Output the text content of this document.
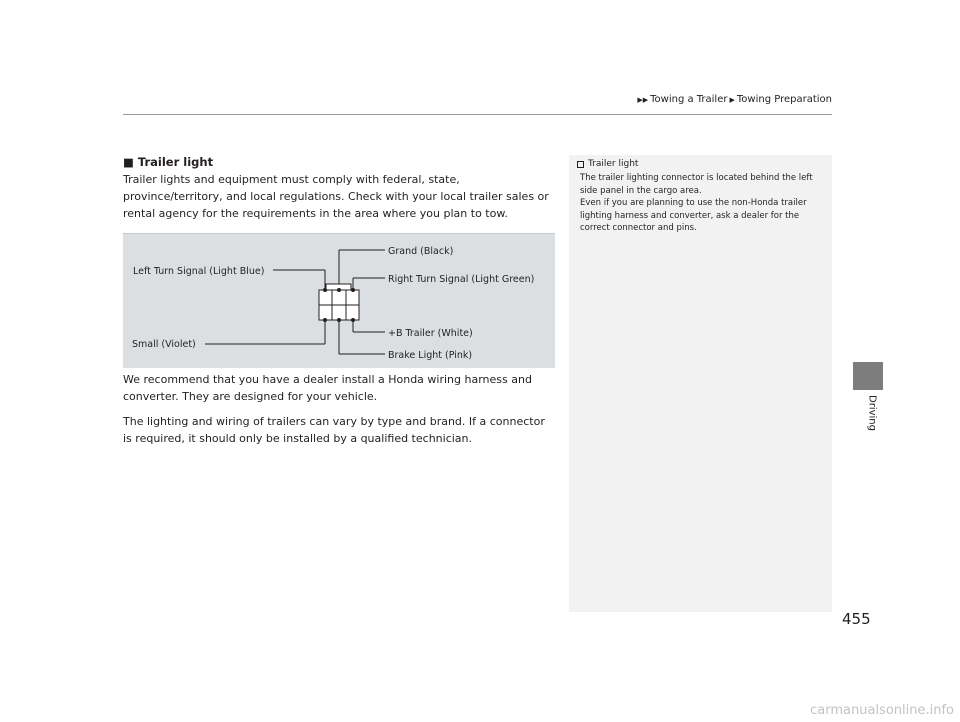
▶▶ Towing a Trailer ▶ Towing Preparation
■ Trailer light

Trailer lights and equipment must comply with federal, state, province/territory, and local regulations. Check with your local trailer sales or rental agency for the requirements in the area where you plan to tow.

Left Turn Signal (Light Blue)
Grand (Black)
Right Turn Signal (Light Green)
+B Trailer (White)
Small (Violet)
Brake Light (Pink)

We recommend that you have a dealer install a Honda wiring harness and converter. They are designed for your vehicle.

The lighting and wiring of trailers can vary by type and brand. If a connector is required, it should only be installed by a qualified technician.

Trailer light

The trailer lighting connector is located behind the left side panel in the cargo area.

Even if you are planning to use the non-Honda trailer lighting harness and converter, ask a dealer for the correct connector and pins.

Driving
455
carmanualsonline.info
